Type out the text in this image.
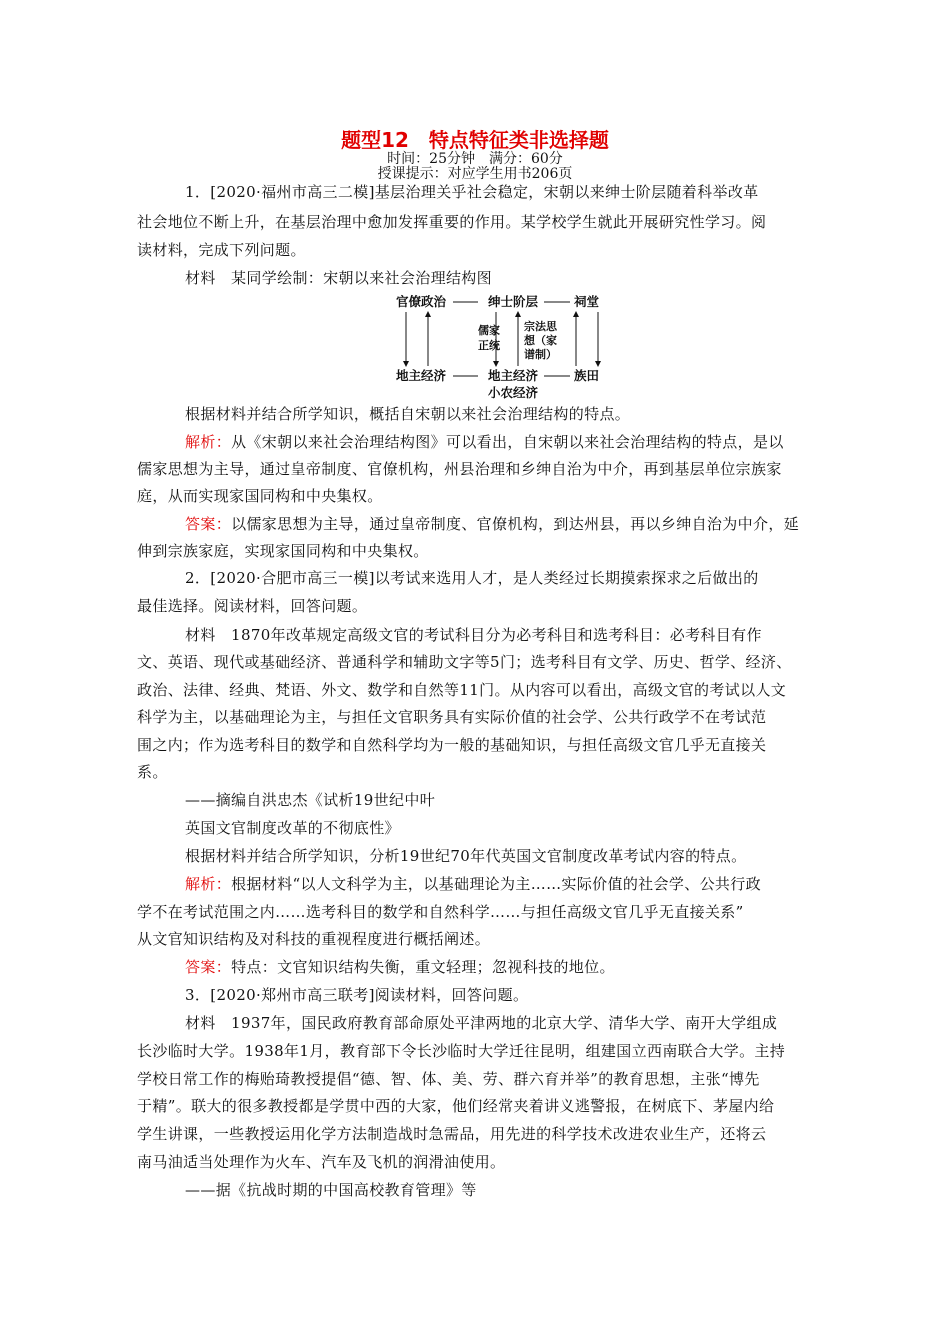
题型12　特点特征类非选择题
时间：25分钟　满分：60分
授课提示：对应学生用书206页
1．[2020·福州市高三二模]基层治理关乎社会稳定，宋朝以来绅士阶层随着科举改革
社会地位不断上升，在基层治理中愈加发挥重要的作用。某学校学生就此开展研究性学习。阅
读材料，完成下列问题。
材料　某同学绘制：宋朝以来社会治理结构图
官僚政治	绅士阶层	祠堂
儒家
正统
宗法思
想（家
谱制）
地主经济	地主经济	族田
小农经济
根据材料并结合所学知识，概括自宋朝以来社会治理结构的特点。
解析：从《宋朝以来社会治理结构图》可以看出，自宋朝以来社会治理结构的特点，是以
儒家思想为主导，通过皇帝制度、官僚机构，州县治理和乡绅自治为中介，再到基层单位宗族家
庭，从而实现家国同构和中央集权。
答案：以儒家思想为主导，通过皇帝制度、官僚机构，到达州县，再以乡绅自治为中介，延
伸到宗族家庭，实现家国同构和中央集权。
2．[2020·合肥市高三一模]以考试来选用人才，是人类经过长期摸索探求之后做出的
最佳选择。阅读材料，回答问题。
材料　1870年改革规定高级文官的考试科目分为必考科目和选考科目：必考科目有作
文、英语、现代或基础经济、普通科学和辅助文字等5门；选考科目有文学、历史、哲学、经济、
政治、法律、经典、梵语、外文、数学和自然等11门。从内容可以看出，高级文官的考试以人文
科学为主，以基础理论为主，与担任文官职务具有实际价值的社会学、公共行政学不在考试范
围之内；作为选考科目的数学和自然科学均为一般的基础知识，与担任高级文官几乎无直接关
系。
——摘编自洪忠杰《试析19世纪中叶
英国文官制度改革的不彻底性》
根据材料并结合所学知识，分析19世纪70年代英国文官制度改革考试内容的特点。
解析：根据材料“以人文科学为主，以基础理论为主……实际价值的社会学、公共行政
学不在考试范围之内……选考科目的数学和自然科学……与担任高级文官几乎无直接关系”
从文官知识结构及对科技的重视程度进行概括阐述。
答案：特点：文官知识结构失衡，重文轻理；忽视科技的地位。
3．[2020·郑州市高三联考]阅读材料，回答问题。
材料　1937年，国民政府教育部命原处平津两地的北京大学、清华大学、南开大学组成
长沙临时大学。1938年1月，教育部下令长沙临时大学迁往昆明，组建国立西南联合大学。主持
学校日常工作的梅贻琦教授提倡“德、智、体、美、劳、群六育并举”的教育思想，主张“博先
于精”。联大的很多教授都是学贯中西的大家，他们经常夹着讲义逃警报，在树底下、茅屋内给
学生讲课，一些教授运用化学方法制造战时急需品，用先进的科学技术改进农业生产，还将云
南马油适当处理作为火车、汽车及飞机的润滑油使用。
——据《抗战时期的中国高校教育管理》等
